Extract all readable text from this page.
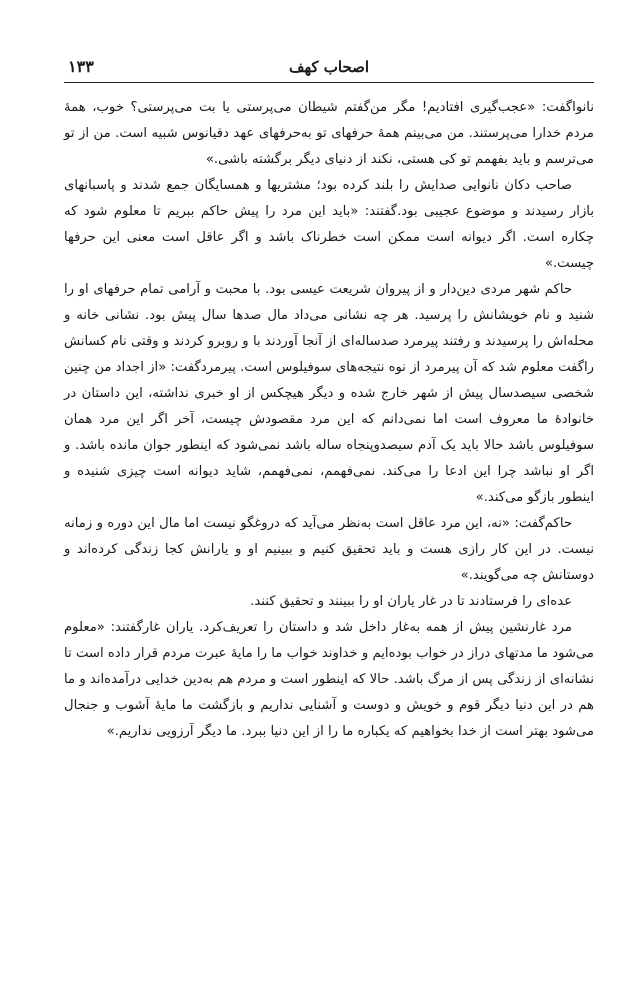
۱۳۳	اصحاب کهف

نانواگفت: «عجب‌گیری افتادیم! مگر من‌گفتم شیطان می‌پرستی یا بت می‌پرستی؟ خوب، همهٔ مردم خدارا می‌پرستند. من می‌بینم همهٔ حرفهای تو به‌حرفهای عهد دقیانوس شبیه است. من از تو می‌ترسم و باید بفهمم تو کی هستی، نکند از دنیای دیگر برگشته باشی.»

صاحب دکان نانوایی صدایش را بلند کرده بود؛ مشتریها و همسایگان جمع شدند و پاسبانهای بازار رسیدند و موضوع عجیبی بود.گفتند: «باید این مرد را پیش حاکم ببریم تا معلوم شود که چکاره است. اگر دیوانه است ممکن است خطرناک باشد و اگر عاقل است معنی این حرفها چیست.»

حاکم شهر مردی دین‌دار و از پیروان شریعت عیسی بود. با محبت و آرامی تمام حرفهای او را شنید و نام خویشانش را پرسید. هر چه نشانی می‌داد مال صدها سال پیش بود. نشانی خانه و محله‌اش را پرسیدند و رفتند پیرمرد صدساله‌ای از آنجا آوردند با و روبرو کردند و وقتی نام کسانش راگفت معلوم شد که آن پیرمرد از نوه نتیجه‌های سوفیلوس است. پیرمردگفت: «از اجداد من چنین شخصی سیصدسال پیش از شهر خارج شده و دیگر هیچکس از او خبری نداشته، این داستان در خانوادهٔ ما معروف است اما نمی‌دانم که این مرد مقصودش چیست، آخر اگر این مرد همان سوفیلوس باشد حالا باید یک آدم سیصدوپنجاه ساله باشد نمی‌شود که اینطور جوان مانده باشد. و اگر او نباشد چرا این ادعا را می‌کند. نمی‌فهمم، نمی‌فهمم، شاید دیوانه است چیزی شنیده و اینطور بازگو می‌کند.»

حاکم‌گفت: «نه، این مرد عاقل است به‌نظر می‌آید که دروغگو نیست اما مال این دوره و زمانه نیست. در این کار رازی هست و باید تحقیق کنیم و ببینیم او و یارانش کجا زندگی کرده‌اند و دوستانش چه می‌گویند.»

عده‌ای را فرستادند تا در غار یاران او را ببینند و تحقیق کنند.

مرد غارنشین پیش از همه به‌غار داخل شد و داستان را تعریف‌کرد. یاران غارگفتند: «معلوم می‌شود ما مدتهای دراز در خواب بوده‌ایم و خداوند خواب ما را مایهٔ عبرت مردم قرار داده است تا نشانه‌ای از زندگی پس از مرگ باشد. حالا که اینطور است و مردم هم به‌دین خدایی درآمده‌اند و ما هم در این دنیا دیگر قوم و خویش و دوست و آشنایی نداریم و بازگشت ما مایهٔ آشوب و جنجال می‌شود بهتر است از خدا بخواهیم که یکباره ما را از این دنیا ببرد. ما دیگر آرزویی نداریم.»
